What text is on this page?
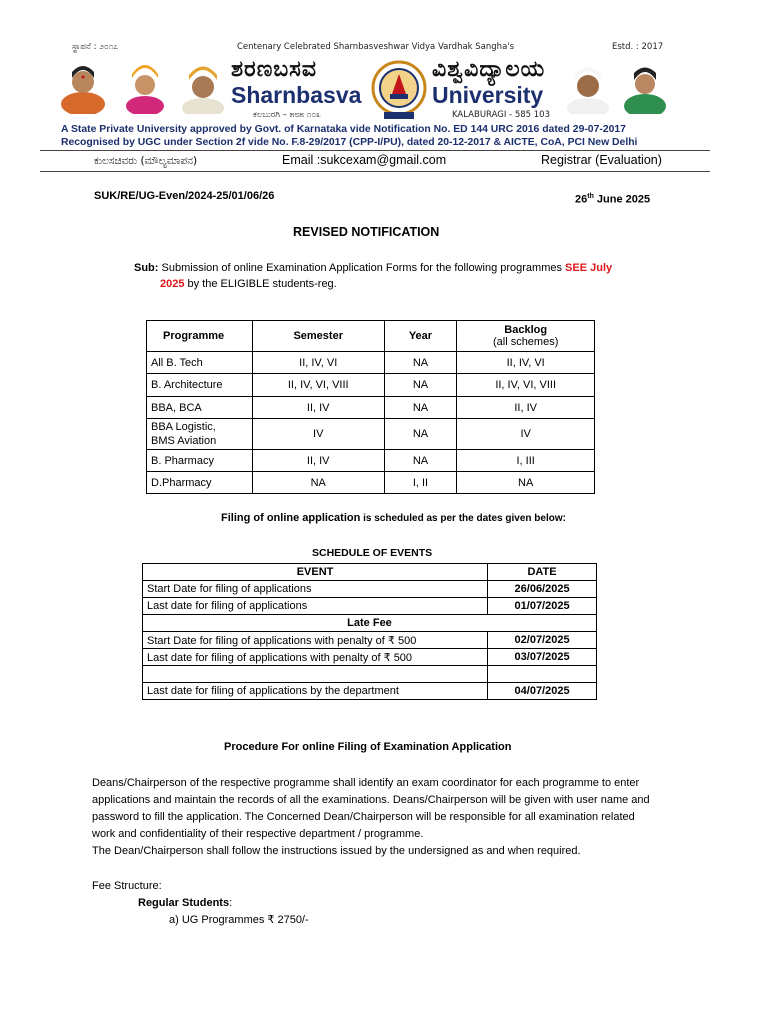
ಸ್ಥಾಪನೆ : ೨೦೧೭	Centenary Celebrated Sharnbasveshwar Vidya Vardhak Sangha's	Estd. : 2017
ಶರಣಬಸವ
Sharnbasva
ಕಲಬುರಗಿ – ೫೮೫ ೧೦೩
ವಿಶ್ವವಿದ್ಯಾಲಯ
University
KALABURAGI - 585 103
A State Private University approved by Govt. of Karnataka vide Notification No. ED 144 URC 2016 dated 29-07-2017
Recognised by UGC under Section 2f vide No. F.8-29/2017 (CPP-I/PU), dated 20-12-2017 & AICTE, CoA, PCI New Delhi
ಕುಲಸಚಿವರು (ಮೌಲ್ಯಮಾಪನ)	Email :sukcexam@gmail.com	Registrar (Evaluation)
SUK/RE/UG-Even/2024-25/01/06/26	26th June 2025
REVISED NOTIFICATION
Sub: Submission of online Examination Application Forms for the following programmes SEE July
2025 by the ELIGIBLE students-reg.
Programme	Semester	Year	Backlog
(all schemes)

All B. Tech	II, IV, VI	NA	II, IV, VI
B. Architecture	II, IV, VI, VIII	NA	II, IV, VI, VIII
BBA, BCA	II, IV	NA	II, IV

BBA Logistic,
BMS Aviation	IV	NA	IV
B. Pharmacy	II, IV	NA	I, III
D.Pharmacy	NA	I, II	NA
Filing of online application is scheduled as per the dates given below:
SCHEDULE OF EVENTS
EVENT	DATE
Start Date for filing of applications	26/06/2025
Last date for filing of applications	01/07/2025
Late Fee	
Start Date for filing of applications with penalty of ₹ 500	02/07/2025
Last date for filing of applications with penalty of ₹ 500	03/07/2025

Last date for filing of applications by the department	04/07/2025
Procedure For online Filing of Examination Application
Deans/Chairperson of the respective programme shall identify an exam coordinator for each programme to enter
applications and maintain the records of all the examinations. Deans/Chairperson will be given with user name and
password to fill the application. The Concerned Dean/Chairperson will be responsible for all examination related
work and confidentiality of their respective department / programme.
The Dean/Chairperson shall follow the instructions issued by the undersigned as and when required.
Fee Structure:
Regular Students:
a) UG Programmes ₹ 2750/-
